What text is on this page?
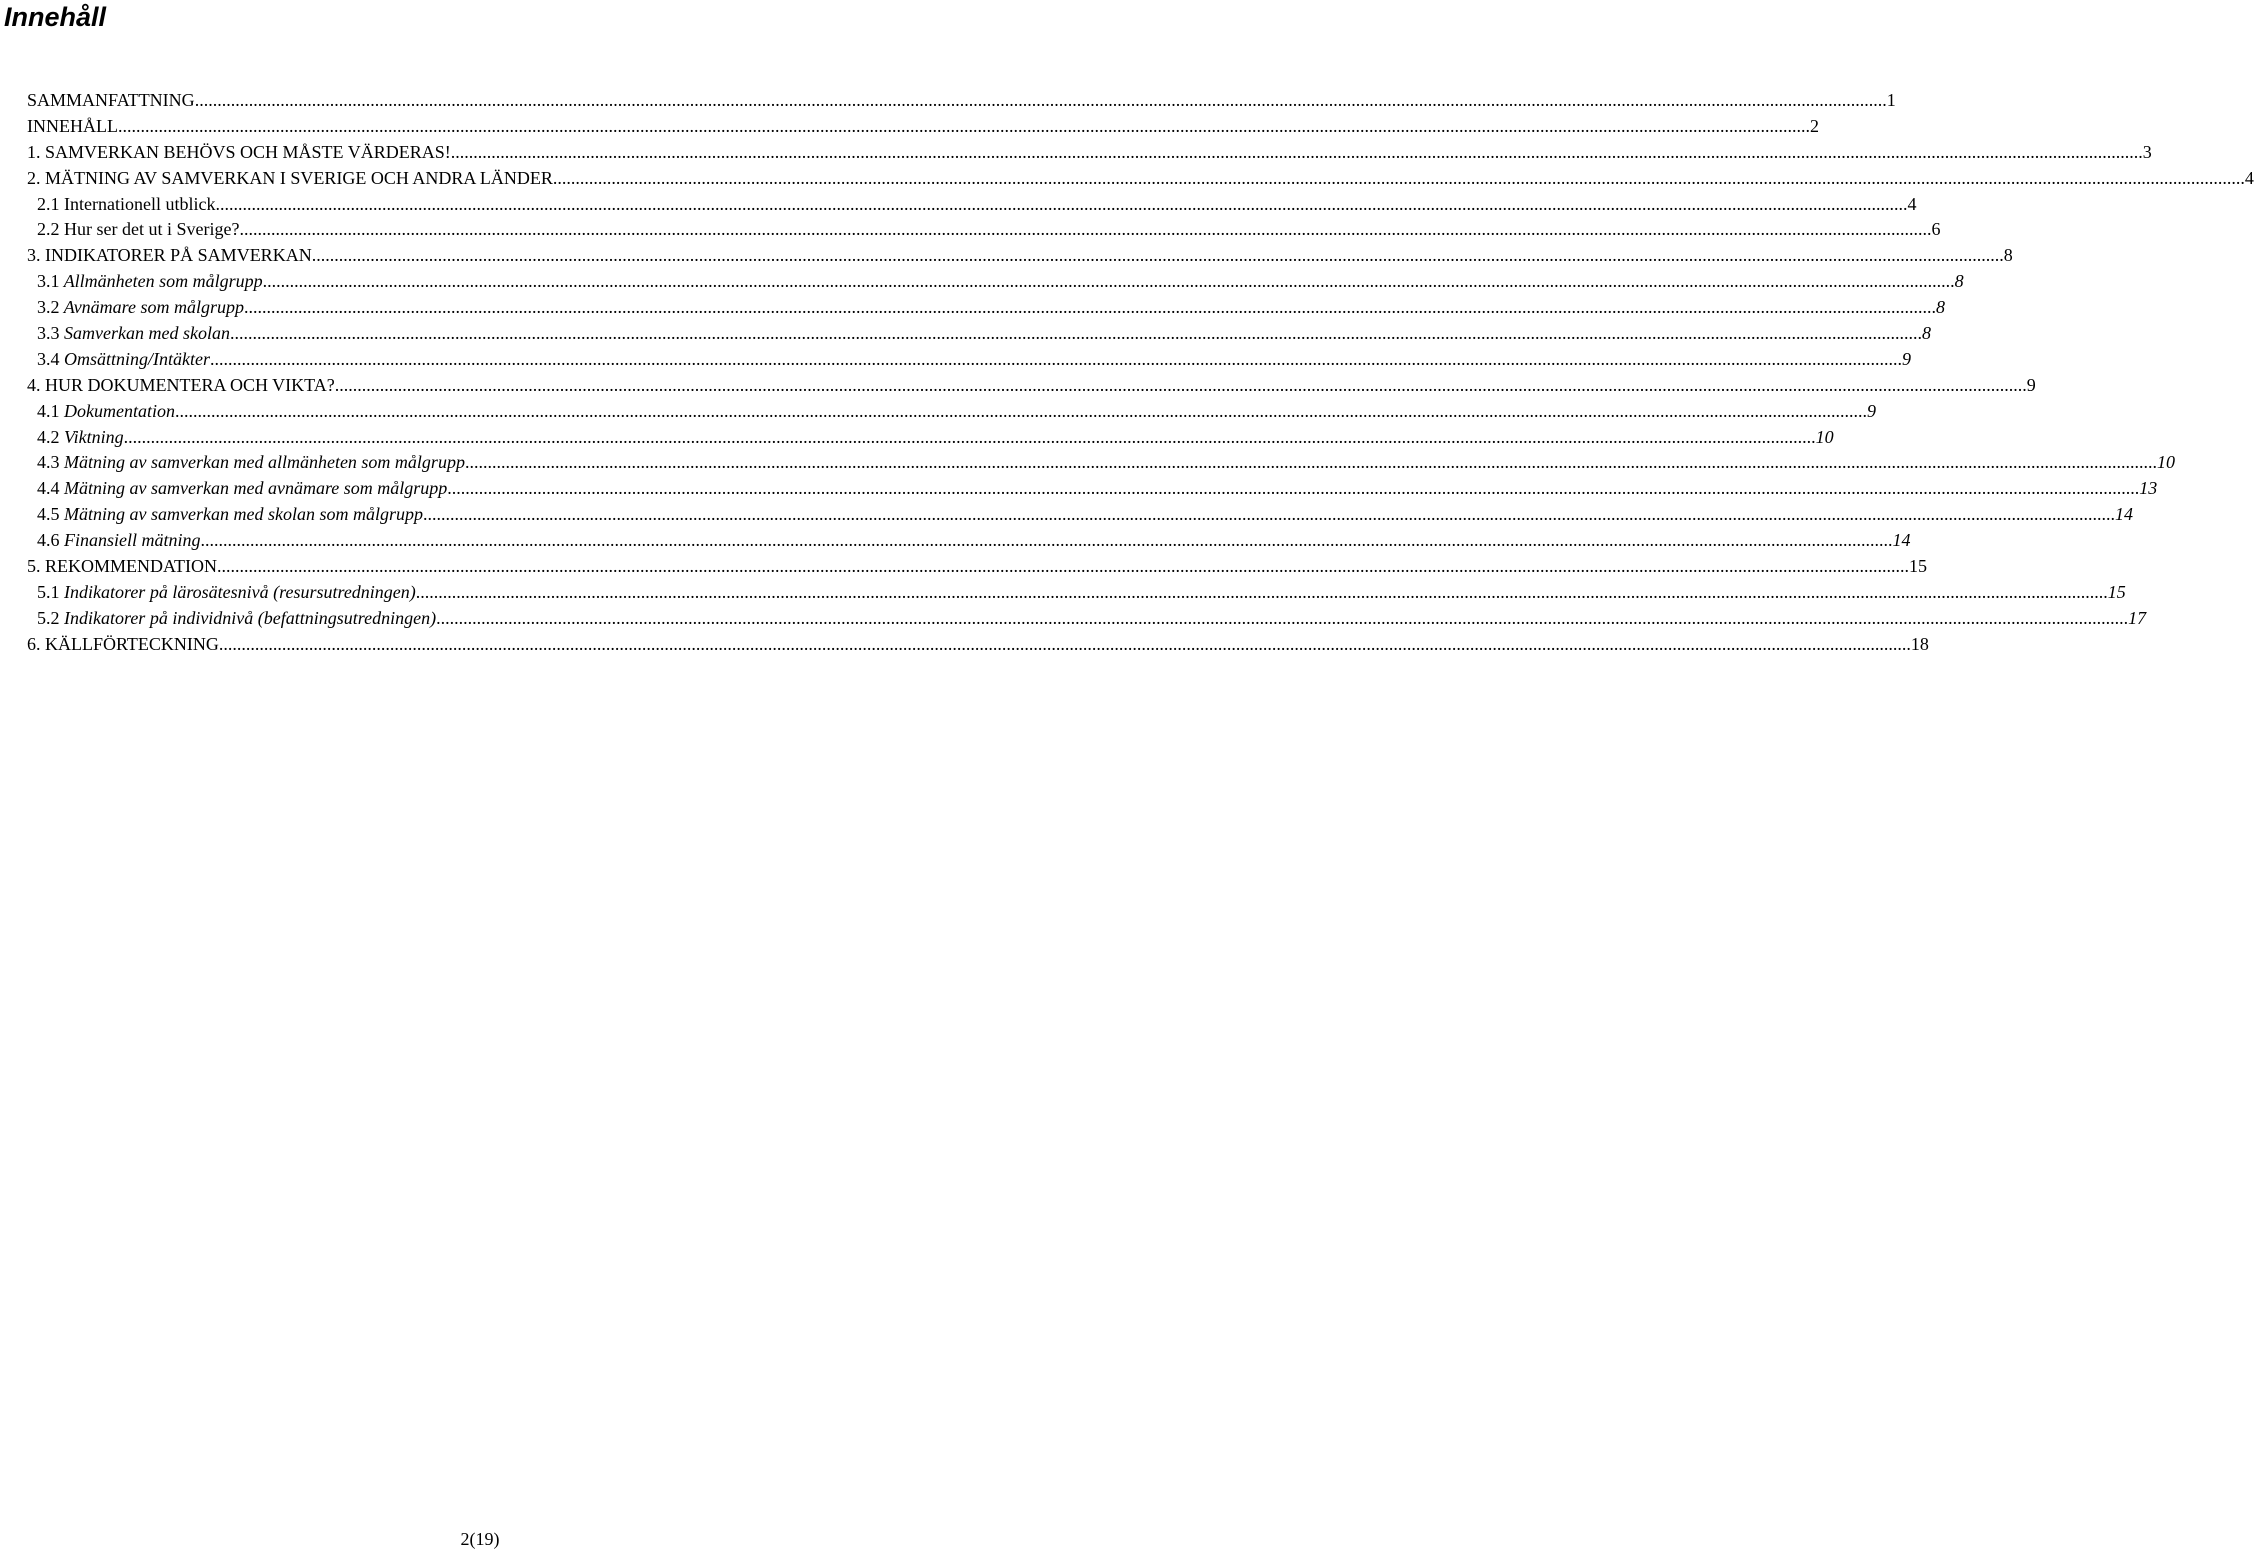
Innehåll
SAMMANFATTNING .....	1
INNEHÅLL .....	2
1. SAMVERKAN BEHÖVS OCH MÅSTE VÄRDERAS! .....	3
2. MÄTNING AV SAMVERKAN I SVERIGE OCH ANDRA LÄNDER .....	4
2.1 Internationell utblick .....	4
2.2 Hur ser det ut i Sverige? .....	6
3. INDIKATORER PÅ SAMVERKAN .....	8
3.1 Allmänheten som målgrupp .....	8
3.2 Avnämare som målgrupp .....	8
3.3 Samverkan med skolan .....	8
3.4 Omsättning/Intäkter .....	9
4. HUR DOKUMENTERA OCH VIKTA? .....	9
4.1 Dokumentation .....	9
4.2 Viktning .....	10
4.3 Mätning av samverkan med allmänheten som målgrupp .....	10
4.4 Mätning av samverkan med avnämare som målgrupp .....	13
4.5 Mätning av samverkan med skolan som målgrupp .....	14
4.6 Finansiell mätning .....	14
5. REKOMMENDATION .....	15
5.1 Indikatorer på lärosätesnivå (resursutredningen) .....	15
5.2 Indikatorer på individnivå (befattningsutredningen) .....	17
6. KÄLLFÖRTECKNING .....	18
2(19)
